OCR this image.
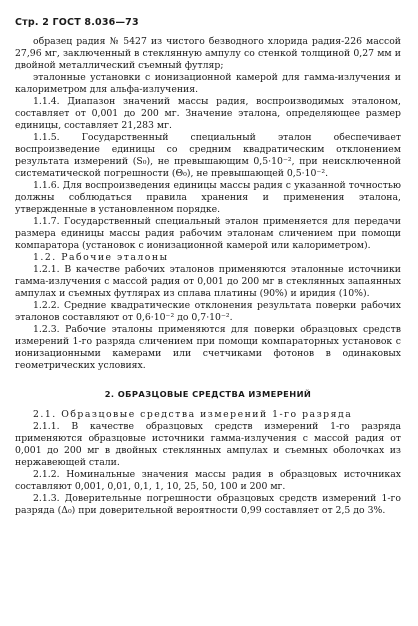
Стр. 2 ГОСТ 8.036—73

образец радия № 5427 из чистого безводного хлорида радия-226 массой 27,96 мг, заключенный в стеклянную ампулу со стенкой толщиной 0,27 мм и двойной металлический съемный футляр;

эталонные установки с ионизационной камерой для гамма-излучения и калориметром для альфа-излучения.

1.1.4. Диапазон значений массы радия, воспроизводимых эталоном, составляет от 0,001 до 200 мг. Значение эталона, определяющее размер единицы, составляет 21,283 мг.

1.1.5. Государственный специальный эталон обеспечивает воспроизведение единицы со средним квадратическим отклонением результата измерений (S₀), не превышающим 0,5·10⁻², при неисключенной систематической погрешности (Θ₀), не превышающей 0,5·10⁻².

1.1.6. Для воспроизведения единицы массы радия с указанной точностью должны соблюдаться правила хранения и применения эталона, утвержденные в установленном порядке.

1.1.7. Государственный специальный эталон применяется для передачи размера единицы массы радия рабочим эталонам сличением при помощи компаратора (установок с ионизационной камерой или калориметром).

1.2. Рабочие эталоны

1.2.1. В качестве рабочих эталонов применяются эталонные источники гамма-излучения с массой радия от 0,001 до 200 мг в стеклянных запаянных ампулах и съемных футлярах из сплава платины (90%) и иридия (10%).

1.2.2. Средние квадратические отклонения результата поверки рабочих эталонов составляют от 0,6·10⁻² до 0,7·10⁻².

1.2.3. Рабочие эталоны применяются для поверки образцовых средств измерений 1-го разряда сличением при помощи компараторных установок с ионизационными камерами или счетчиками фотонов в одинаковых геометрических условиях.

2. ОБРАЗЦОВЫЕ СРЕДСТВА ИЗМЕРЕНИЙ

2.1. Образцовые средства измерений 1-го разряда

2.1.1. В качестве образцовых средств измерений 1-го разряда применяются образцовые источники гамма-излучения с массой радия от 0,001 до 200 мг в двойных стеклянных ампулах и съемных оболочках из нержавеющей стали.

2.1.2. Номинальные значения массы радия в образцовых источниках составляют 0,001, 0,01, 0,1, 1, 10, 25, 50, 100 и 200 мг.

2.1.3. Доверительные погрешности образцовых средств измерений 1-го разряда (Δ₀) при доверительной вероятности 0,99 составляет от 2,5 до 3%.
